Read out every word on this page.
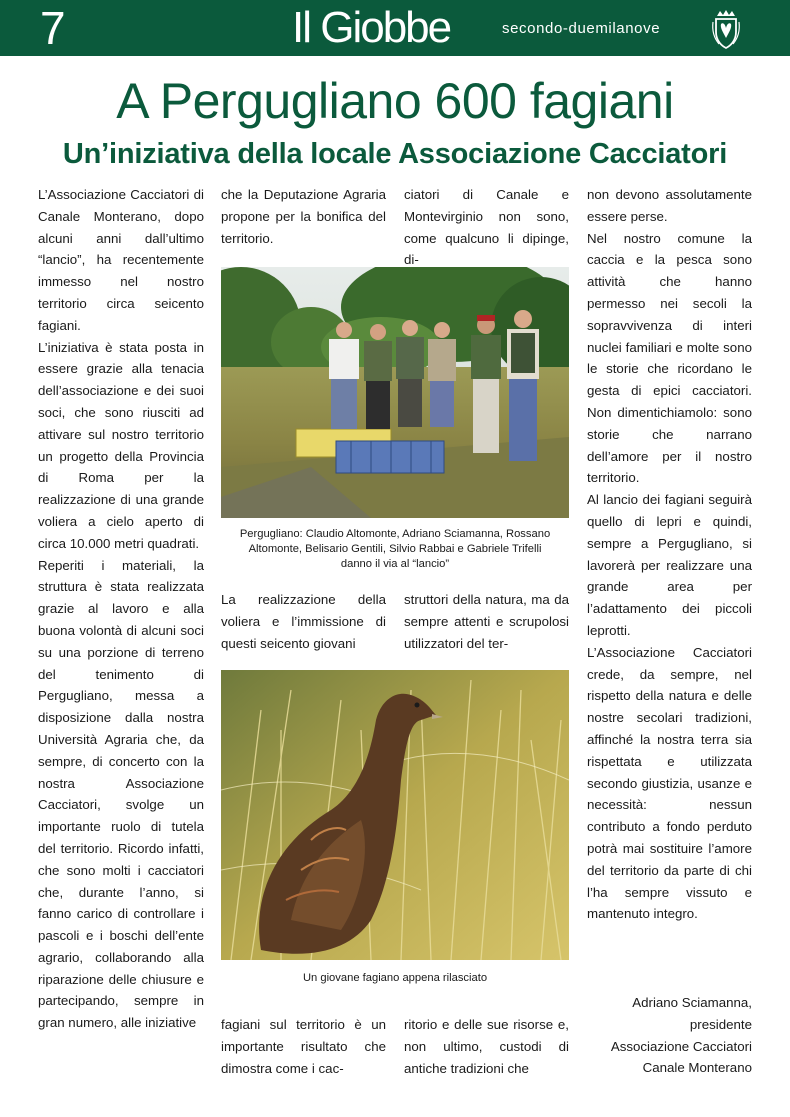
7	Il Giobbe	secondo-duemilanove
A Pergugliano 600 fagiani
Un’iniziativa della locale Associazione Cacciatori

L’Associazione Cacciatori di Canale Monterano, dopo alcuni anni dall’ultimo “lancio”, ha recentemente immesso nel nostro territorio circa seicento fagiani.

L’iniziativa è stata posta in essere grazie alla tenacia dell’associazione e dei suoi soci, che sono riusciti ad attivare sul nostro territorio un progetto della Provincia di Roma per la realizzazione di una grande voliera a cielo aperto di circa 10.000 metri quadrati.

Reperiti i materiali, la struttura è stata realizzata grazie al lavoro e alla buona volontà di alcuni soci su una porzione di terreno del tenimento di Pergugliano, messa a disposizione dalla nostra Università Agraria che, da sempre, di concerto con la nostra Associazione Cacciatori, svolge un importante ruolo di tutela del territorio. Ricordo infatti, che sono molti i cacciatori che, durante l’anno, si fanno carico di controllare i pascoli e i boschi dell’ente agrario, collaborando alla riparazione delle chiusure e partecipando, sempre in gran numero, alle iniziative

che la Deputazione Agraria propone per la bonifica del territorio.
ciatori di Canale e Montevirginio non sono, come qualcuno li dipinge, di-
Pergugliano: Claudio Altomonte, Adriano Sciamanna, Rossano
Altomonte, Belisario Gentili, Silvio Rabbai e Gabriele Trifelli
danno il via al “lancio”
La realizzazione della voliera e l’immissione di questi seicento giovani
struttori della natura, ma da sempre attenti e scrupolosi utilizzatori del ter-
Un giovane fagiano appena rilasciato
fagiani sul territorio è un importante risultato che dimostra come i cac-
ritorio e delle sue risorse e, non ultimo, custodi di antiche tradizioni che

non devono assolutamente essere perse.

Nel nostro comune la caccia e la pesca sono attività che hanno permesso nei secoli la sopravvivenza di interi nuclei familiari e molte sono le storie che ricordano le gesta di epici cacciatori. Non dimentichiamolo: sono storie che narrano dell’amore per il nostro territorio.

Al lancio dei fagiani seguirà quello di lepri e quindi, sempre a Pergugliano, si lavorerà per realizzare una grande area per l’adattamento dei piccoli leprotti.

L’Associazione Cacciatori crede, da sempre, nel rispetto della natura e delle nostre secolari tradizioni, affinché la nostra terra sia rispettata e utilizzata secondo giustizia, usanze e necessità: nessun contributo a fondo perduto potrà mai sostituire l’amore del territorio da parte di chi l’ha sempre vissuto e mantenuto integro.

Adriano Sciamanna,
presidente
Associazione Cacciatori
Canale Monterano
